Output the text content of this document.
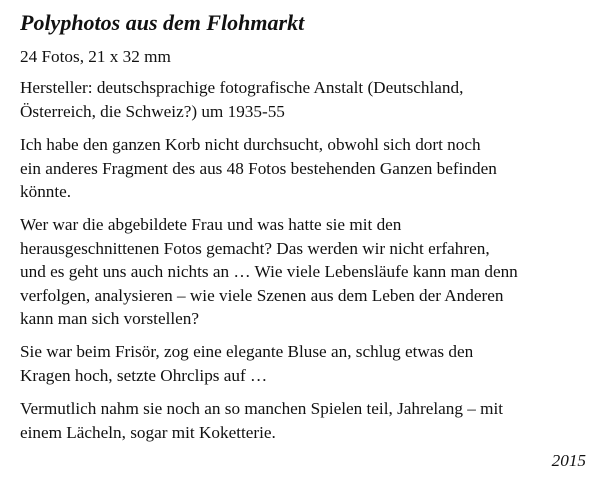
Polyphotos aus dem Flohmarkt
24 Fotos, 21 x 32 mm
Hersteller: deutschsprachige fotografische Anstalt (Deutschland,
Österreich, die Schweiz?) um 1935-55
Ich habe den ganzen Korb nicht durchsucht, obwohl sich dort noch
ein anderes Fragment des aus 48 Fotos bestehenden Ganzen befinden
könnte.
Wer war die abgebildete Frau und was hatte sie mit den
herausgeschnittenen Fotos gemacht? Das werden wir nicht erfahren,
und es geht uns auch nichts an … Wie viele Lebensläufe kann man denn
verfolgen, analysieren – wie viele Szenen aus dem Leben der Anderen
kann man sich vorstellen?
Sie war beim Frisör, zog eine elegante Bluse an, schlug etwas den
Kragen hoch, setzte Ohrclips auf …
Vermutlich nahm sie noch an so manchen Spielen teil, Jahrelang – mit
einem Lächeln, sogar mit Koketterie.
2015
